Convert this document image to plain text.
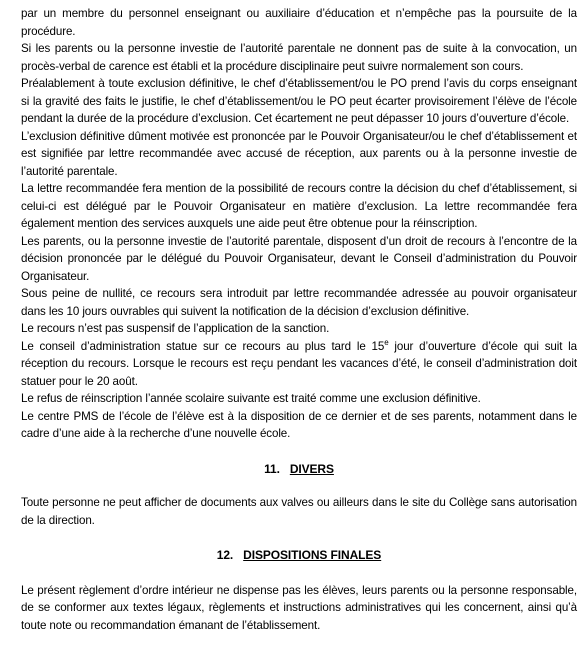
par un membre du personnel enseignant ou auxiliaire d’éducation et n’empêche pas la poursuite de la procédure.

Si les parents ou la personne investie de l’autorité parentale ne donnent pas de suite à la convocation, un procès-verbal de carence est établi et la procédure disciplinaire peut suivre normalement son cours.

Préalablement à toute exclusion définitive, le chef d’établissement/ou le PO prend l’avis du corps enseignant si la gravité des faits le justifie, le chef d’établissement/ou le PO peut écarter provisoirement l’élève de l’école pendant la durée de la procédure d’exclusion. Cet écartement ne peut dépasser 10 jours d’ouverture d’école.

L’exclusion définitive dûment motivée est prononcée par le Pouvoir Organisateur/ou le chef d’établissement et est signifiée par lettre recommandée avec accusé de réception, aux parents ou à la personne investie de l’autorité parentale.

La lettre recommandée fera mention de la possibilité de recours contre la décision du chef d’établissement, si celui-ci est délégué par le Pouvoir Organisateur en matière d’exclusion. La lettre recommandée fera également mention des services auxquels une aide peut être obtenue pour la réinscription.

Les parents, ou la personne investie de l’autorité parentale, disposent d’un droit de recours à l’encontre de la décision prononcée par le délégué du Pouvoir Organisateur, devant le Conseil d’administration du Pouvoir Organisateur.

Sous peine de nullité, ce recours sera introduit par lettre recommandée adressée au pouvoir organisateur dans les 10 jours ouvrables qui suivent la notification de la décision d’exclusion définitive.

Le recours n’est pas suspensif de l’application de la sanction.

Le conseil d’administration statue sur ce recours au plus tard le 15e jour d’ouverture d’école qui suit la réception du recours. Lorsque le recours est reçu pendant les vacances d’été, le conseil d’administration doit statuer pour le 20 août.

Le refus de réinscription l’année scolaire suivante est traité comme une exclusion définitive.

Le centre PMS de l’école de l’élève est à la disposition de ce dernier et de ses parents, notamment dans le cadre d’une aide à la recherche d’une nouvelle école.

11. DIVERS

Toute personne ne peut afficher de documents aux valves ou ailleurs dans le site du Collège sans autorisation de la direction.

12. DISPOSITIONS FINALES

Le présent règlement d’ordre intérieur ne dispense pas les élèves, leurs parents ou la personne responsable, de se conformer aux textes légaux, règlements et instructions administratives qui les concernent, ainsi qu’à toute note ou recommandation émanant de l’établissement.
